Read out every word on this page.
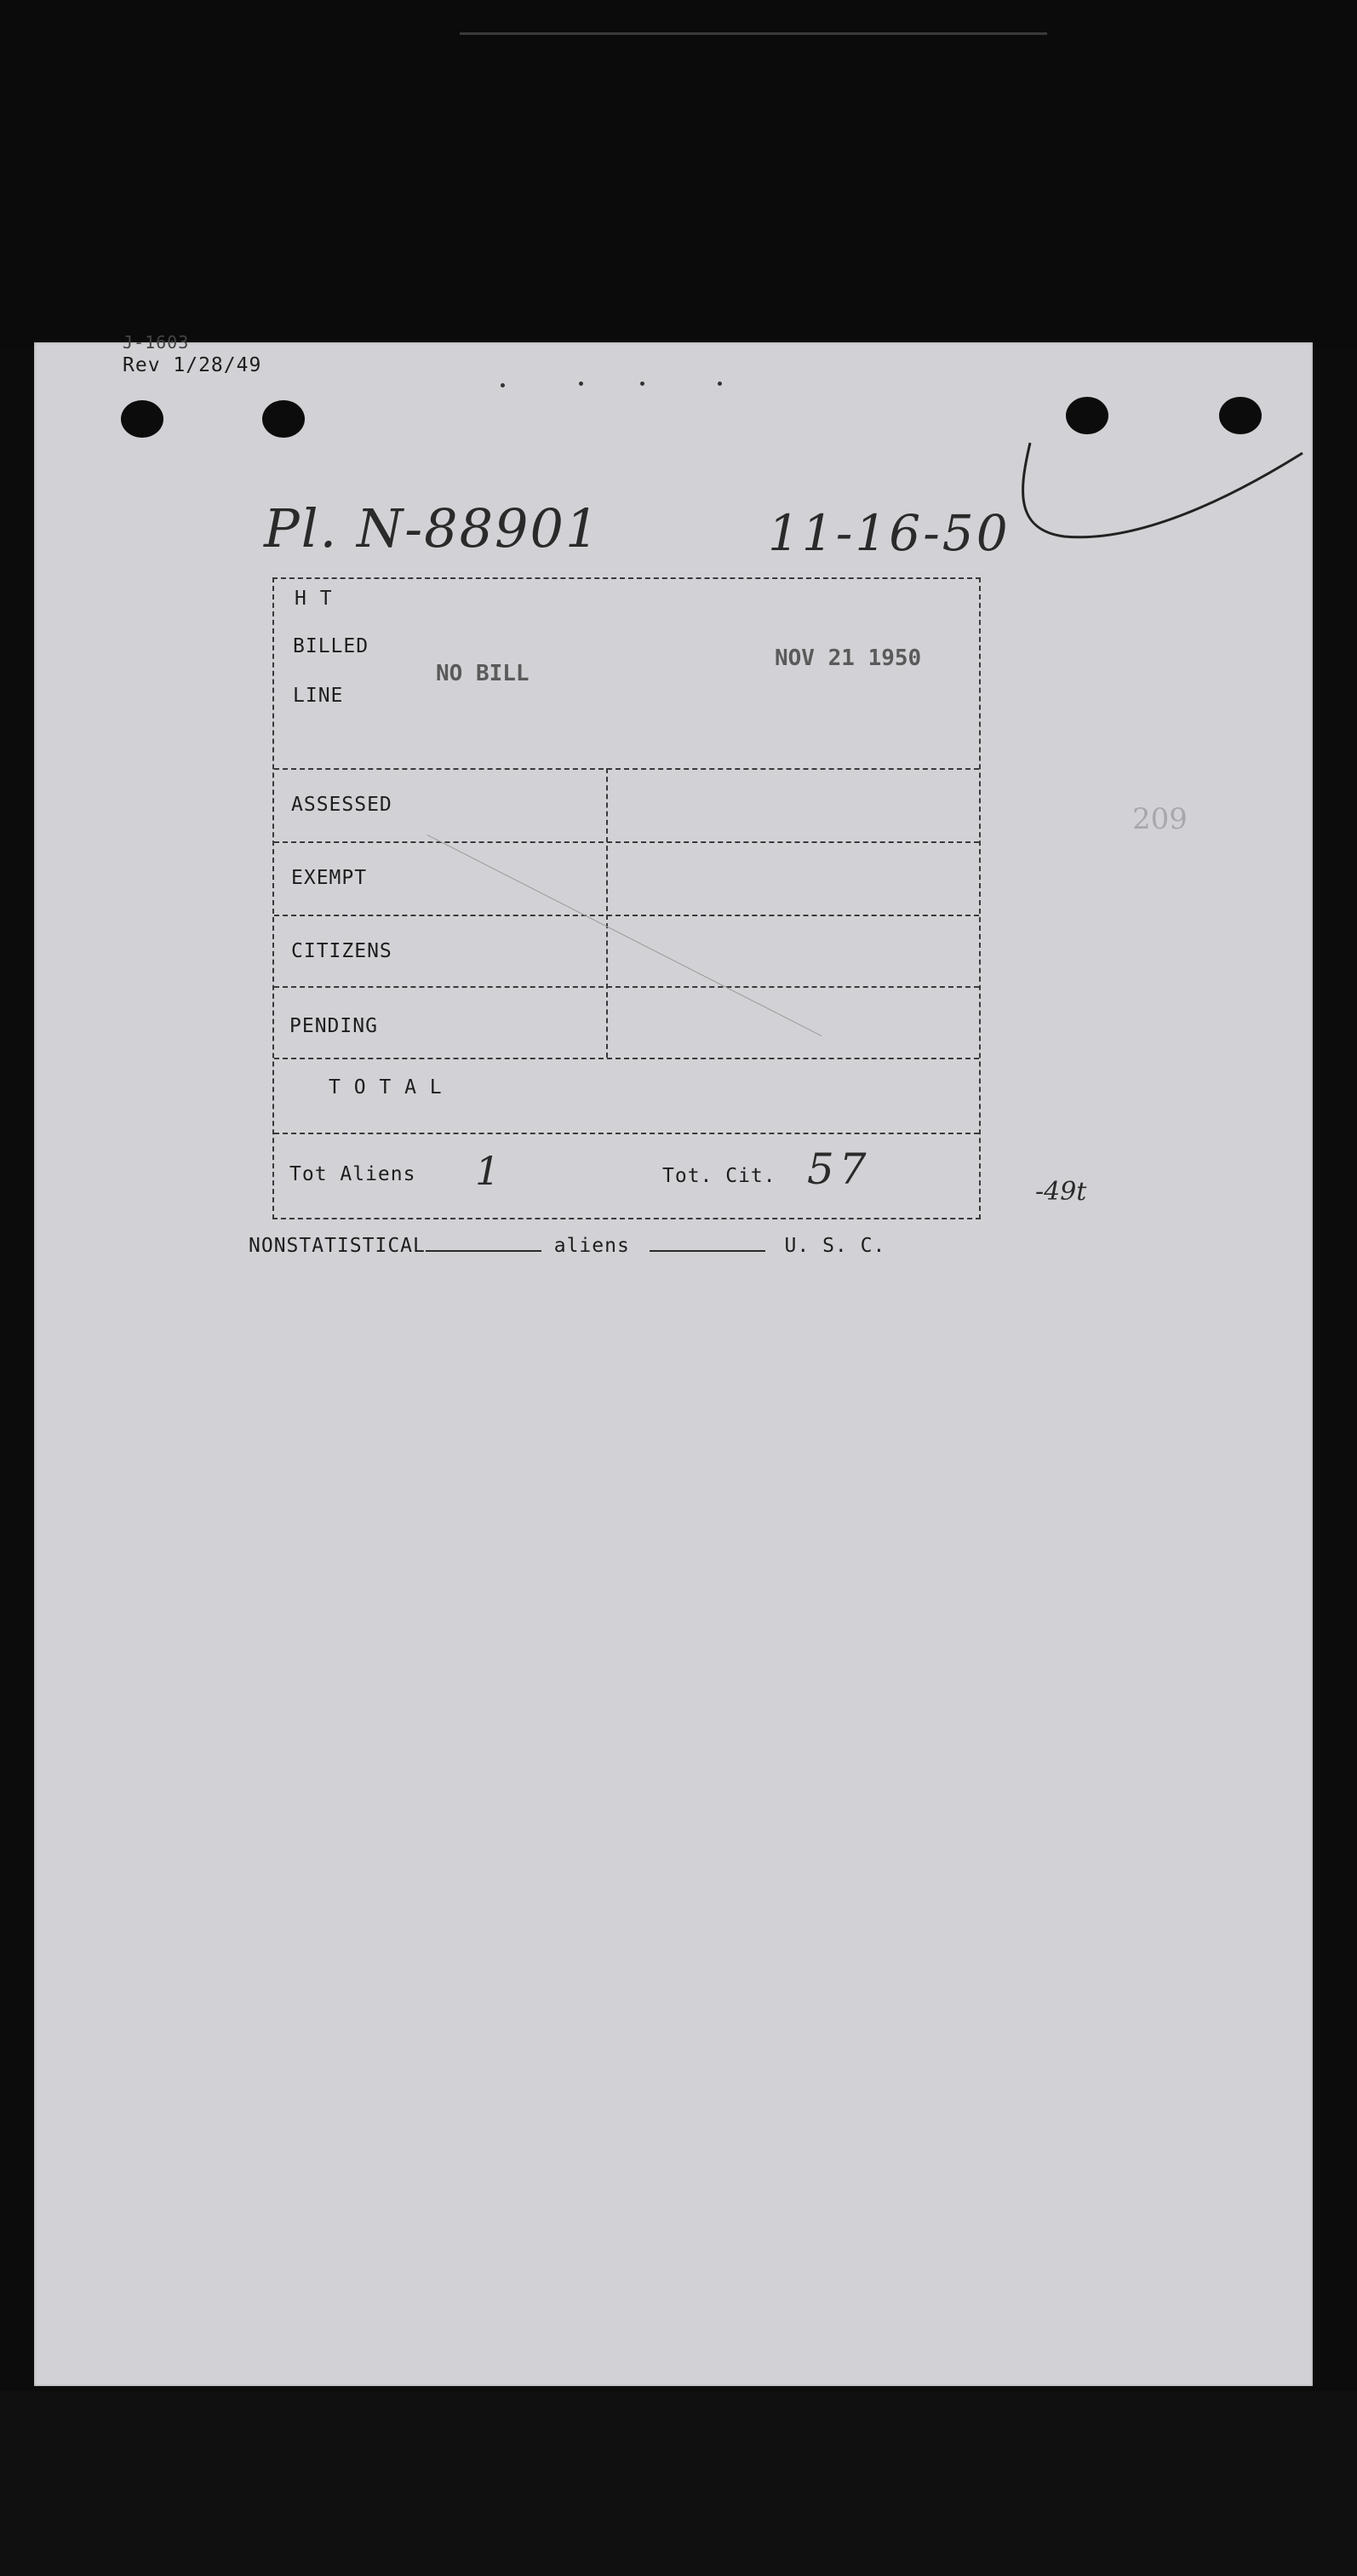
J-1603
Rev 1/28/49
Pl. N-88901	11-16-50
H T
BILLED
LINE
NO BILL
NOV 21 1950
ASSESSED
EXEMPT
CITIZENS
PENDING
T O T A L
Tot Aliens 1	Tot. Cit. 57
209
-49t
NONSTATISTICAL	aliens	U. S. C.
